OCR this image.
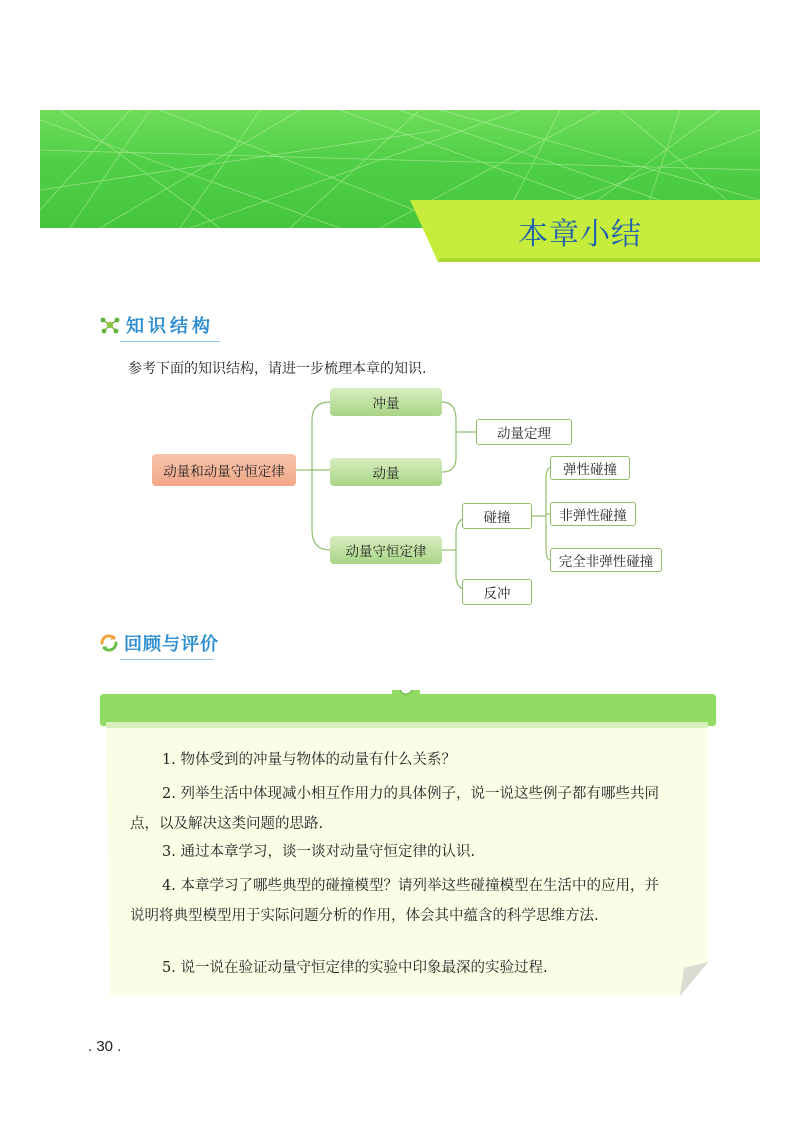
本章小结
知识结构
参考下面的知识结构，请进一步梳理本章的知识.
动量和动量守恒定律
冲量
动量
动量定理
动量守恒定律
碰撞
反冲
弹性碰撞
非弹性碰撞
完全非弹性碰撞
回顾与评价
1. 物体受到的冲量与物体的动量有什么关系？
2. 列举生活中体现减小相互作用力的具体例子，说一说这些例子都有哪些共同点，以及解决这类问题的思路.
3. 通过本章学习，谈一谈对动量守恒定律的认识.
4. 本章学习了哪些典型的碰撞模型？请列举这些碰撞模型在生活中的应用，并说明将典型模型用于实际问题分析的作用，体会其中蕴含的科学思维方法.
5. 说一说在验证动量守恒定律的实验中印象最深的实验过程.
. 30 .
